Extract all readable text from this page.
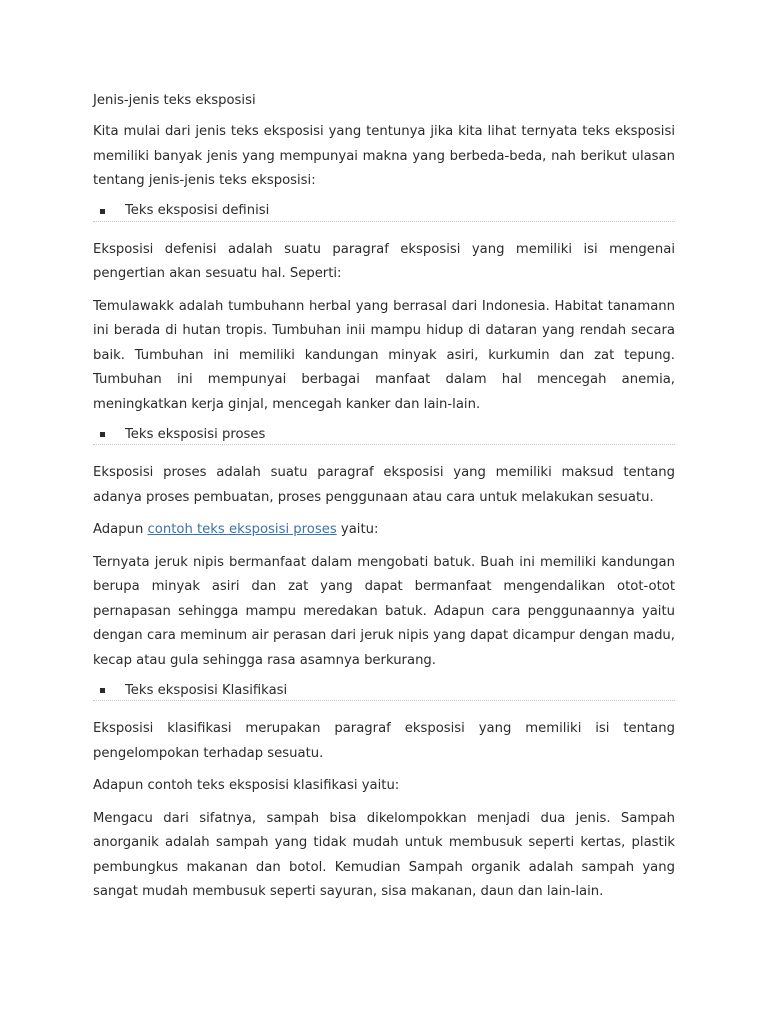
Jenis-jenis teks eksposisi

Kita mulai dari jenis teks eksposisi yang tentunya jika kita lihat ternyata teks eksposisi memiliki banyak jenis yang mempunyai makna yang berbeda-beda, nah berikut ulasan tentang jenis-jenis teks eksposisi:

Teks eksposisi definisi

Eksposisi defenisi adalah suatu paragraf eksposisi yang memiliki isi mengenai pengertian akan sesuatu hal. Seperti:

Temulawakk adalah tumbuhann herbal yang berrasal dari Indonesia. Habitat tanamann ini berada di hutan tropis. Tumbuhan inii mampu hidup di dataran yang rendah secara baik. Tumbuhan ini memiliki kandungan minyak asiri, kurkumin dan zat tepung. Tumbuhan ini mempunyai berbagai manfaat dalam hal mencegah anemia, meningkatkan kerja ginjal, mencegah kanker dan lain-lain.

Teks eksposisi proses

Eksposisi proses adalah suatu paragraf eksposisi yang memiliki maksud tentang adanya proses pembuatan, proses penggunaan atau cara untuk melakukan sesuatu.

Adapun contoh teks eksposisi proses yaitu:

Ternyata jeruk nipis bermanfaat dalam mengobati batuk. Buah ini memiliki kandungan berupa minyak asiri dan zat yang dapat bermanfaat mengendalikan otot-otot pernapasan sehingga mampu meredakan batuk. Adapun cara penggunaannya yaitu dengan cara meminum air perasan dari jeruk nipis yang dapat dicampur dengan madu, kecap atau gula sehingga rasa asamnya berkurang.

Teks eksposisi Klasifikasi

Eksposisi klasifikasi merupakan paragraf eksposisi yang memiliki isi tentang pengelompokan terhadap sesuatu.

Adapun contoh teks eksposisi klasifikasi yaitu:

Mengacu dari sifatnya, sampah bisa dikelompokkan menjadi dua jenis. Sampah anorganik adalah sampah yang tidak mudah untuk membusuk seperti kertas, plastik pembungkus makanan dan botol. Kemudian Sampah organik adalah sampah yang sangat mudah membusuk seperti sayuran, sisa makanan, daun dan lain-lain.
